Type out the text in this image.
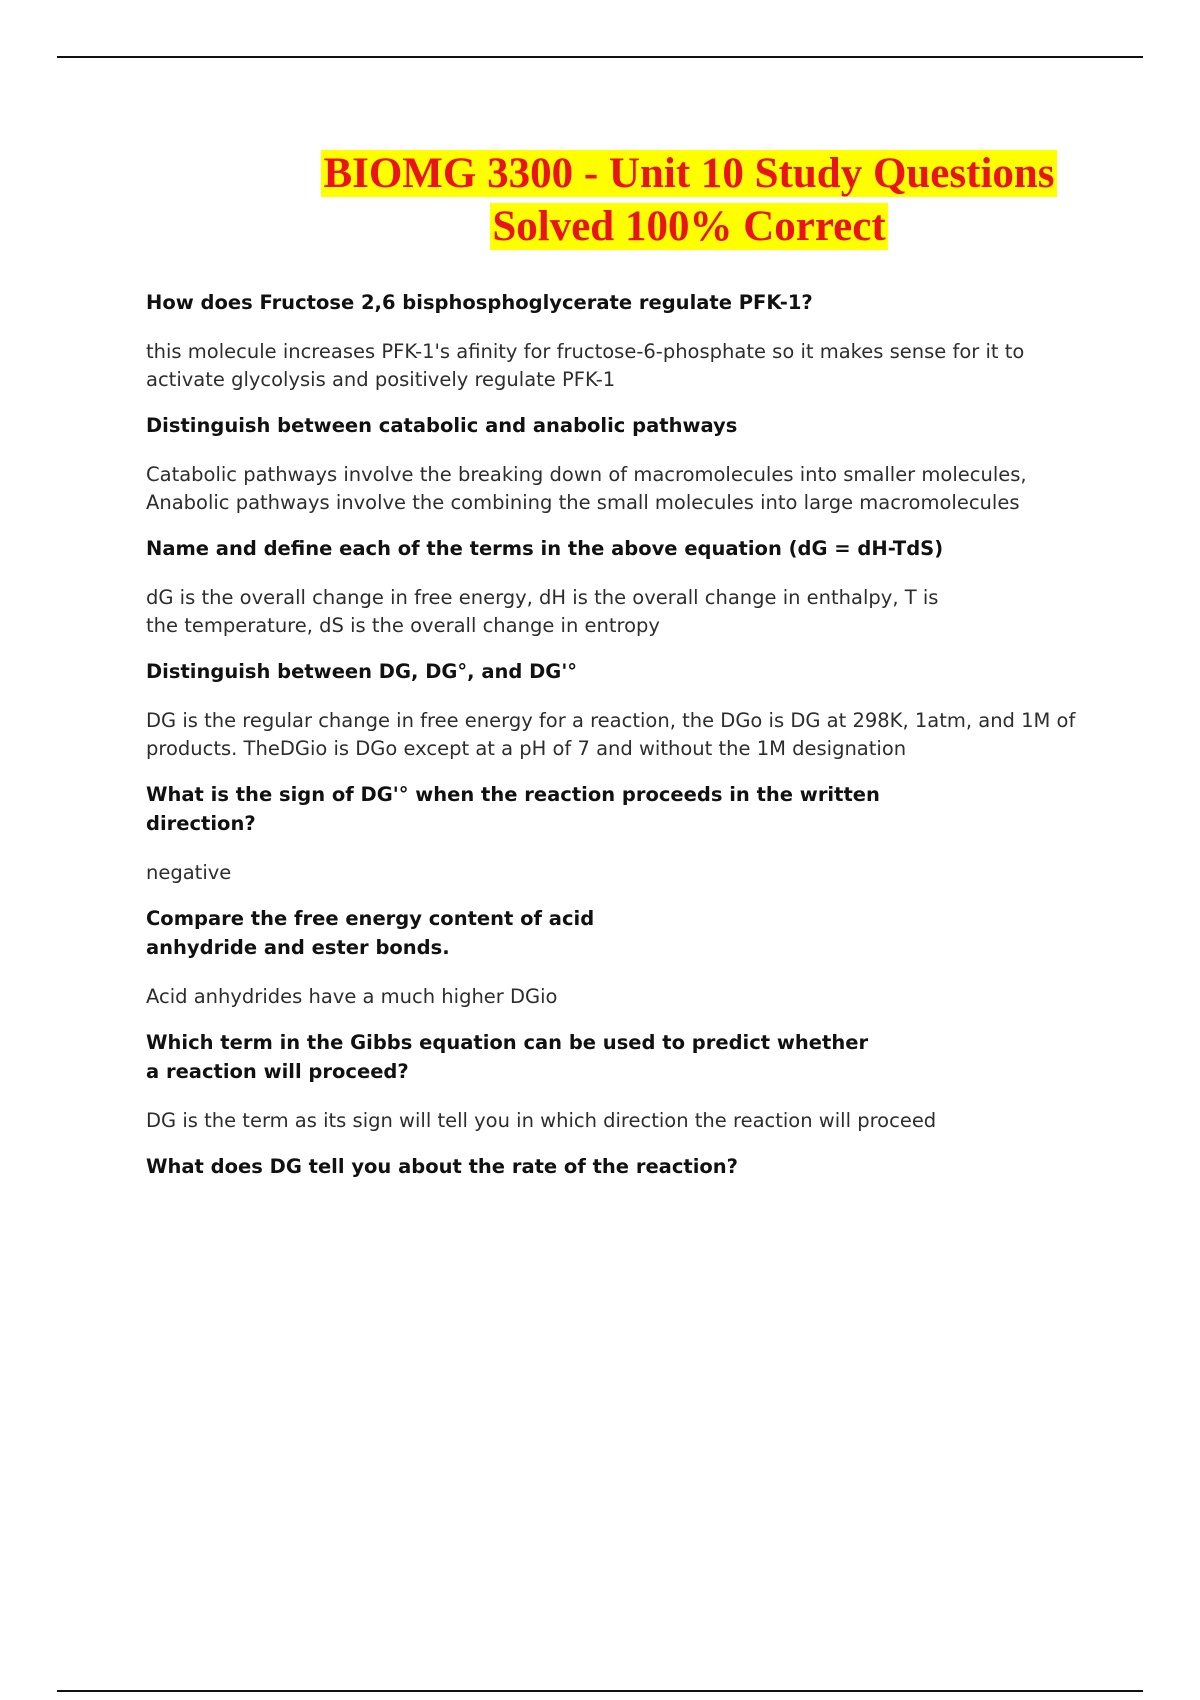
BIOMG 3300 - Unit 10 Study Questions
Solved 100% Correct
How does Fructose 2,6 bisphosphoglycerate regulate PFK-1?
this molecule increases PFK-1's afinity for fructose-6-phosphate so it makes sense for it to
activate glycolysis and positively regulate PFK-1
Distinguish between catabolic and anabolic pathways
Catabolic pathways involve the breaking down of macromolecules into smaller molecules,
Anabolic pathways involve the combining the small molecules into large macromolecules
Name and define each of the terms in the above equation (dG = dH-TdS)
dG is the overall change in free energy, dH is the overall change in enthalpy, T is
the temperature, dS is the overall change in entropy
Distinguish between DG, DG°, and DG'°
DG is the regular change in free energy for a reaction, the DGo is DG at 298K, 1atm, and 1M of
products. TheDGio is DGo except at a pH of 7 and without the 1M designation
What is the sign of DG'° when the reaction proceeds in the written
direction?
negative
Compare the free energy content of acid
anhydride and ester bonds.
Acid anhydrides have a much higher DGio
Which term in the Gibbs equation can be used to predict whether
a reaction will proceed?
DG is the term as its sign will tell you in which direction the reaction will proceed
What does DG tell you about the rate of the reaction?
